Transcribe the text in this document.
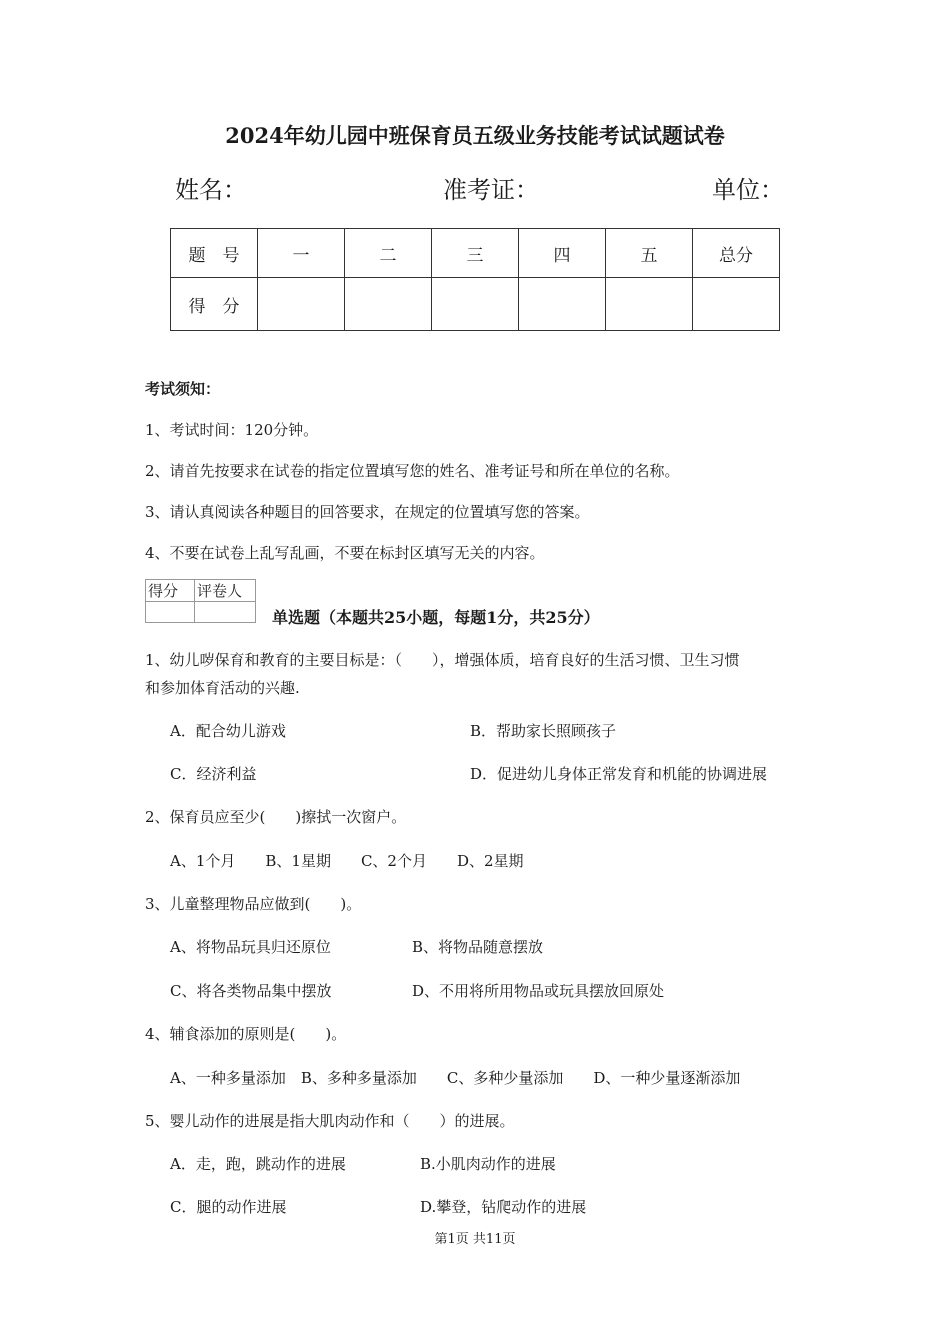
2024年幼儿园中班保育员五级业务技能考试试题试卷
姓名：	准考证：	单位：
题　号	一	二	三	四	五	总分
得　分						
考试须知：
1、考试时间：120分钟。
2、请首先按要求在试卷的指定位置填写您的姓名、准考证号和所在单位的名称。
3、请认真阅读各种题目的回答要求，在规定的位置填写您的答案。
4、不要在试卷上乱写乱画，不要在标封区填写无关的内容。
得分	评卷人

单选题（本题共25小题，每题1分，共25分）
1、幼儿哕保育和教育的主要目标是：（　　），增强体质，培育良好的生活习惯、卫生习惯
和参加体育活动的兴趣.
A．配合幼儿游戏	B．帮助家长照顾孩子
C．经济利益	D．促进幼儿身体正常发育和机能的协调进展
2、保育员应至少(　　)擦拭一次窗户。
A、1个月　　B、1星期　　C、2个月　　D、2星期
3、儿童整理物品应做到(　　)。
A、将物品玩具归还原位	B、将物品随意摆放
C、将各类物品集中摆放	D、不用将所用物品或玩具摆放回原处
4、辅食添加的原则是(　　)。
A、一种多量添加　B、多种多量添加　　C、多种少量添加　　D、一种少量逐渐添加
5、婴儿动作的进展是指大肌肉动作和（　　）的进展。
A．走，跑，跳动作的进展	B.小肌肉动作的进展
C．腿的动作进展	D.攀登，钻爬动作的进展
第1页 共11页
